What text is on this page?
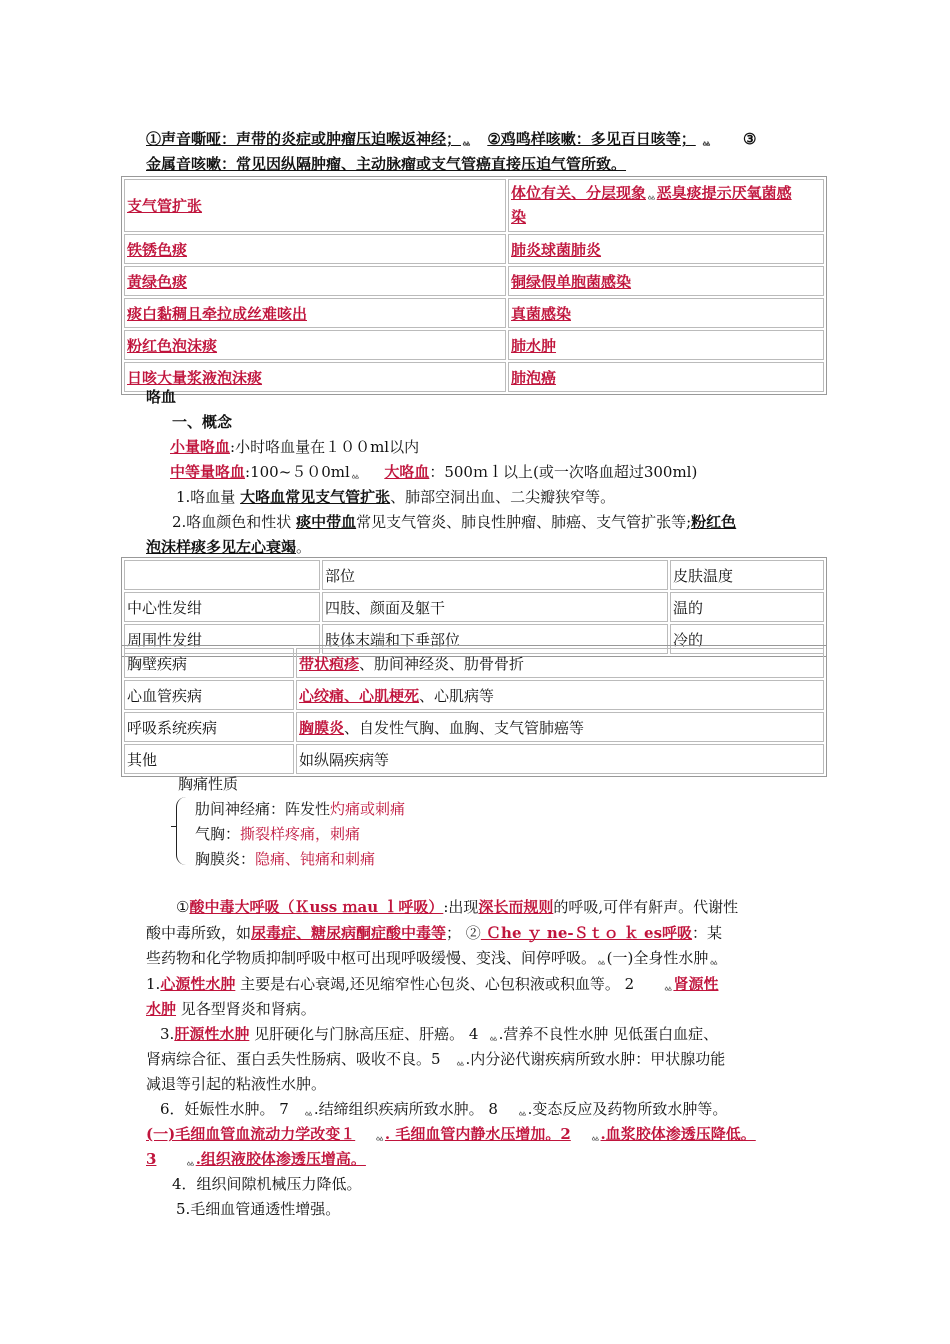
①声音嘶哑：声带的炎症或肿瘤压迫喉返神经；ᇲ ②鸡鸣样咳嗽：多见百日咳等； ᇲ ③
金属音咳嗽：常见因纵隔肿瘤、主动脉瘤或支气管癌直接压迫气管所致。
支气管扩张	体位有关、分层现象ᇲ恶臭痰提示厌氧菌感
染
铁锈色痰	肺炎球菌肺炎
黄绿色痰	铜绿假单胞菌感染
痰白黏稠且牵拉成丝难咳出	真菌感染
粉红色泡沫痰	肺水肿
日咳大量浆液泡沫痰	肺泡癌
咯血
一、概念
小量咯血:小时咯血量在１００ml以内
中等量咯血:100~５０0mlᇲ 大咯血：500ｍｌ以上(或一次咯血超过300ml)
1.咯血量 大咯血常见支气管扩张、肺部空洞出血、二尖瓣狭窄等。
2.咯血颜色和性状 痰中带血常见支气管炎、肺良性肿瘤、肺癌、支气管扩张等;粉红色
泡沫样痰多见左心衰竭。
	部位	皮肤温度
中心性发绀	四肢、颜面及躯干	温的
周围性发绀	肢体末端和下垂部位	冷的
胸壁疾病	带状疱疹、肋间神经炎、肋骨骨折
心血管疾病	心绞痛、心肌梗死、心肌病等
呼吸系统疾病	胸膜炎、自发性气胸、血胸、支气管肺癌等
其他	如纵隔疾病等
胸痛性质
肋间神经痛：阵发性灼痛或刺痛
气胸：撕裂样疼痛，刺痛
胸膜炎：隐痛、钝痛和刺痛
①酸中毒大呼吸（Ｋuss ｍau ｌ呼吸）:出现深长而规则的呼吸,可伴有鼾声。代谢性
酸中毒所致，如尿毒症、糖尿病酮症酸中毒等； ② Ｃhe ｙ ne-Ｓｔｏ ｋ es呼吸：某
些药物和化学物质抑制呼吸中枢可出现呼吸缓慢、变浅、间停呼吸。ᇲ(一)全身性水肿ᇲ
1.心源性水肿 主要是右心衰竭,还见缩窄性心包炎、心包积液或积血等。 2	ᇲ肾源性
水肿 见各型肾炎和肾病。
3.肝源性水肿 见肝硬化与门脉高压症、肝癌。 4 ᇲ.营养不良性水肿 见低蛋白血症、
肾病综合征、蛋白丢失性肠病、吸收不良。5 ᇲ.内分泌代谢疾病所致水肿：甲状腺功能
减退等引起的粘液性水肿。
6．妊娠性水肿。 7 ᇲ.结缔组织疾病所致水肿。 8 ᇲ.变态反应及药物所致水肿等。
(一)毛细血管血流动力学改变１ ᇲ. 毛细血管内静水压增加。2 ᇲ.血浆胶体渗透压降低。
3	ᇲ.组织液胶体渗透压增高。
4．组织间隙机械压力降低。
5.毛细血管通透性增强。
